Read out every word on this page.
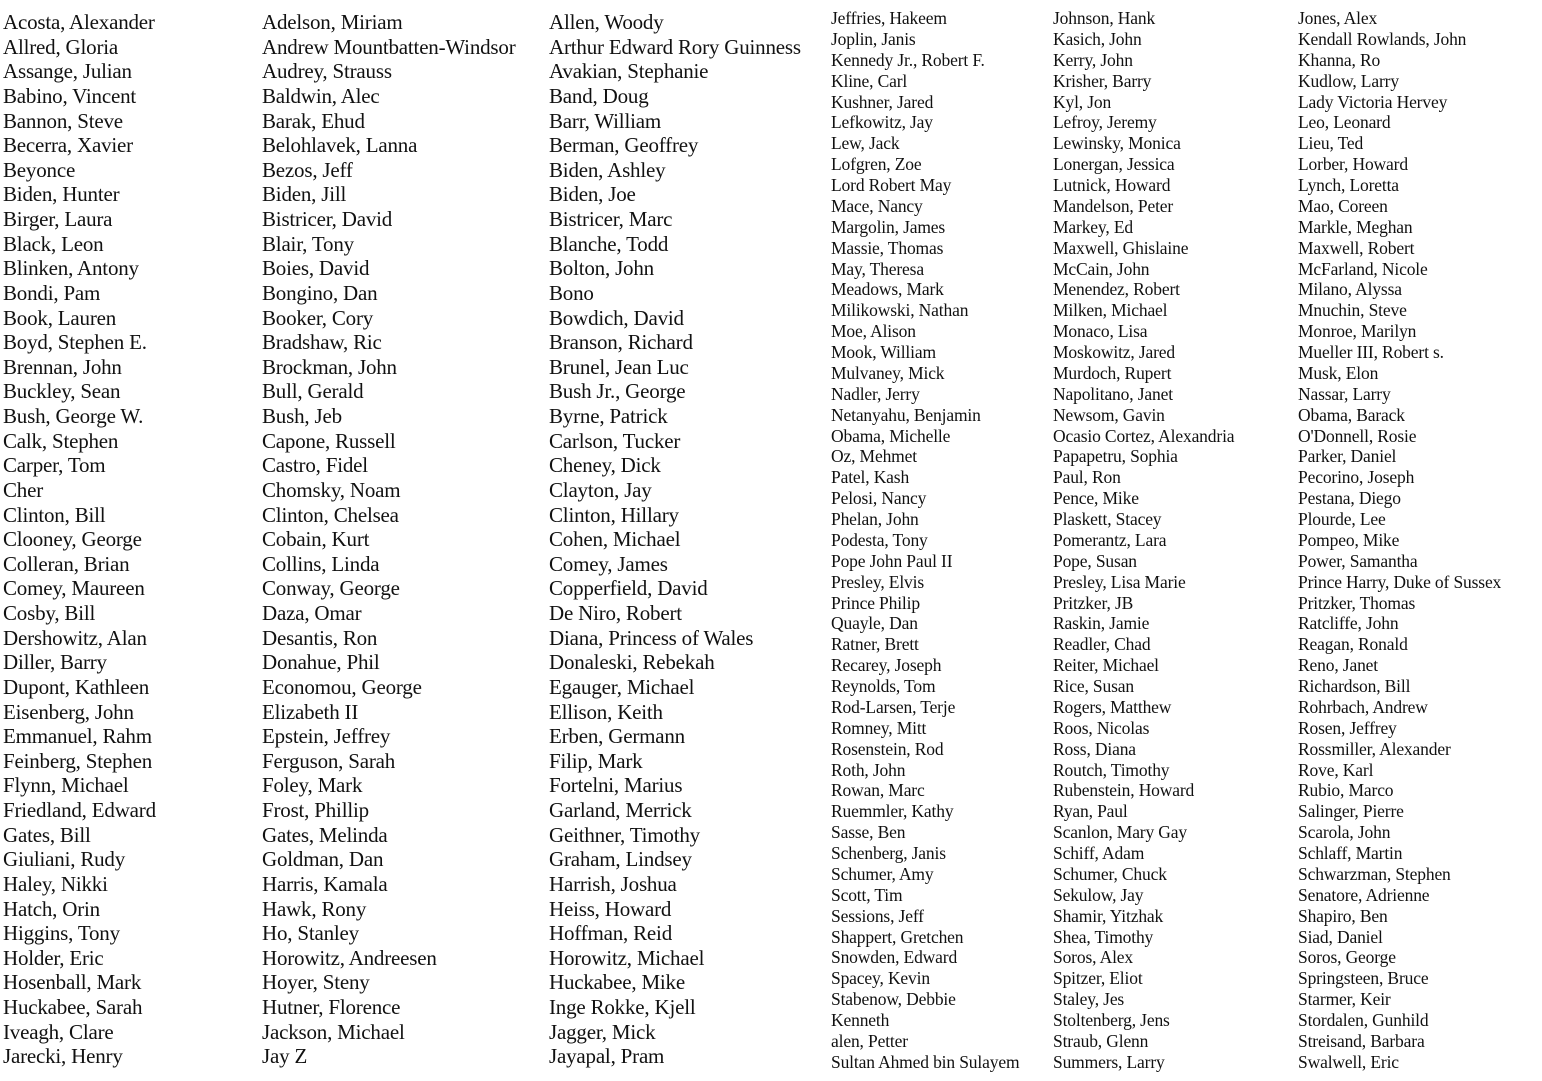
Acosta, Alexander
Allred, Gloria
Assange, Julian
Babino, Vincent
Bannon, Steve
Becerra, Xavier
Beyonce
Biden, Hunter
Birger, Laura
Black, Leon
Blinken, Antony
Bondi, Pam
Book, Lauren
Boyd, Stephen E.
Brennan, John
Buckley, Sean
Bush, George W.
Calk, Stephen
Carper, Tom
Cher
Clinton, Bill
Clooney, George
Colleran, Brian
Comey, Maureen
Cosby, Bill
Dershowitz, Alan
Diller, Barry
Dupont, Kathleen
Eisenberg, John
Emmanuel, Rahm
Feinberg, Stephen
Flynn, Michael
Friedland, Edward
Gates, Bill
Giuliani, Rudy
Haley, Nikki
Hatch, Orin
Higgins, Tony
Holder, Eric
Hosenball, Mark
Huckabee, Sarah
Iveagh, Clare
Jarecki, Henry
Adelson, Miriam
Andrew Mountbatten-Windsor
Audrey, Strauss
Baldwin, Alec
Barak, Ehud
Belohlavek, Lanna
Bezos, Jeff
Biden, Jill
Bistricer, David
Blair, Tony
Boies, David
Bongino, Dan
Booker, Cory
Bradshaw, Ric
Brockman, John
Bull, Gerald
Bush, Jeb
Capone, Russell
Castro, Fidel
Chomsky, Noam
Clinton, Chelsea
Cobain, Kurt
Collins, Linda
Conway, George
Daza, Omar
Desantis, Ron
Donahue, Phil
Economou, George
Elizabeth II
Epstein, Jeffrey
Ferguson, Sarah
Foley, Mark
Frost, Phillip
Gates, Melinda
Goldman, Dan
Harris, Kamala
Hawk, Rony
Ho, Stanley
Horowitz, Andreesen
Hoyer, Steny
Hutner, Florence
Jackson, Michael
Jay Z
Allen, Woody
Arthur Edward Rory Guinness
Avakian, Stephanie
Band, Doug
Barr, William
Berman, Geoffrey
Biden, Ashley
Biden, Joe
Bistricer, Marc
Blanche, Todd
Bolton, John
Bono
Bowdich, David
Branson, Richard
Brunel, Jean Luc
Bush Jr., George
Byrne, Patrick
Carlson, Tucker
Cheney, Dick
Clayton, Jay
Clinton, Hillary
Cohen, Michael
Comey, James
Copperfield, David
De Niro, Robert
Diana, Princess of Wales
Donaleski, Rebekah
Egauger, Michael
Ellison, Keith
Erben, Germann
Filip, Mark
Fortelni, Marius
Garland, Merrick
Geithner, Timothy
Graham, Lindsey
Harrish, Joshua
Heiss, Howard
Hoffman, Reid
Horowitz, Michael
Huckabee, Mike
Inge Rokke, Kjell
Jagger, Mick
Jayapal, Pram
Jeffries, Hakeem
Joplin, Janis
Kennedy Jr., Robert F.
Kline, Carl
Kushner, Jared
Lefkowitz, Jay
Lew, Jack
Lofgren, Zoe
Lord Robert May
Mace, Nancy
Margolin, James
Massie, Thomas
May, Theresa
Meadows, Mark
Milikowski, Nathan
Moe, Alison
Mook, William
Mulvaney, Mick
Nadler, Jerry
Netanyahu, Benjamin
Obama, Michelle
Oz, Mehmet
Patel, Kash
Pelosi, Nancy
Phelan, John
Podesta, Tony
Pope John Paul II
Presley, Elvis
Prince Philip
Quayle, Dan
Ratner, Brett
Recarey, Joseph
Reynolds, Tom
Rod-Larsen, Terje
Romney, Mitt
Rosenstein, Rod
Roth, John
Rowan, Marc
Ruemmler, Kathy
Sasse, Ben
Schenberg, Janis
Schumer, Amy
Scott, Tim
Sessions, Jeff
Shappert, Gretchen
Snowden, Edward
Spacey, Kevin
Stabenow, Debbie
Kenneth
alen, Petter
Sultan Ahmed bin Sulayem
Johnson, Hank
Kasich, John
Kerry, John
Krisher, Barry
Kyl, Jon
Lefroy, Jeremy
Lewinsky, Monica
Lonergan, Jessica
Lutnick, Howard
Mandelson, Peter
Markey, Ed
Maxwell, Ghislaine
McCain, John
Menendez, Robert
Milken, Michael
Monaco, Lisa
Moskowitz, Jared
Murdoch, Rupert
Napolitano, Janet
Newsom, Gavin
Ocasio Cortez, Alexandria
Papapetru, Sophia
Paul, Ron
Pence, Mike
Plaskett, Stacey
Pomerantz, Lara
Pope, Susan
Presley, Lisa Marie
Pritzker, JB
Raskin, Jamie
Readler, Chad
Reiter, Michael
Rice, Susan
Rogers, Matthew
Roos, Nicolas
Ross, Diana
Routch, Timothy
Rubenstein, Howard
Ryan, Paul
Scanlon, Mary Gay
Schiff, Adam
Schumer, Chuck
Sekulow, Jay
Shamir, Yitzhak
Shea, Timothy
Soros, Alex
Spitzer, Eliot
Staley, Jes
Stoltenberg, Jens
Straub, Glenn
Summers, Larry
Jones, Alex
Kendall Rowlands, John
Khanna, Ro
Kudlow, Larry
Lady Victoria Hervey
Leo, Leonard
Lieu, Ted
Lorber, Howard
Lynch, Loretta
Mao, Coreen
Markle, Meghan
Maxwell, Robert
McFarland, Nicole
Milano, Alyssa
Mnuchin, Steve
Monroe, Marilyn
Mueller III, Robert s.
Musk, Elon
Nassar, Larry
Obama, Barack
O'Donnell, Rosie
Parker, Daniel
Pecorino, Joseph
Pestana, Diego
Plourde, Lee
Pompeo, Mike
Power, Samantha
Prince Harry, Duke of Sussex
Pritzker, Thomas
Ratcliffe, John
Reagan, Ronald
Reno, Janet
Richardson, Bill
Rohrbach, Andrew
Rosen, Jeffrey
Rossmiller, Alexander
Rove, Karl
Rubio, Marco
Salinger, Pierre
Scarola, John
Schlaff, Martin
Schwarzman, Stephen
Senatore, Adrienne
Shapiro, Ben
Siad, Daniel
Soros, George
Springsteen, Bruce
Starmer, Keir
Stordalen, Gunhild
Streisand, Barbara
Swalwell, Eric
